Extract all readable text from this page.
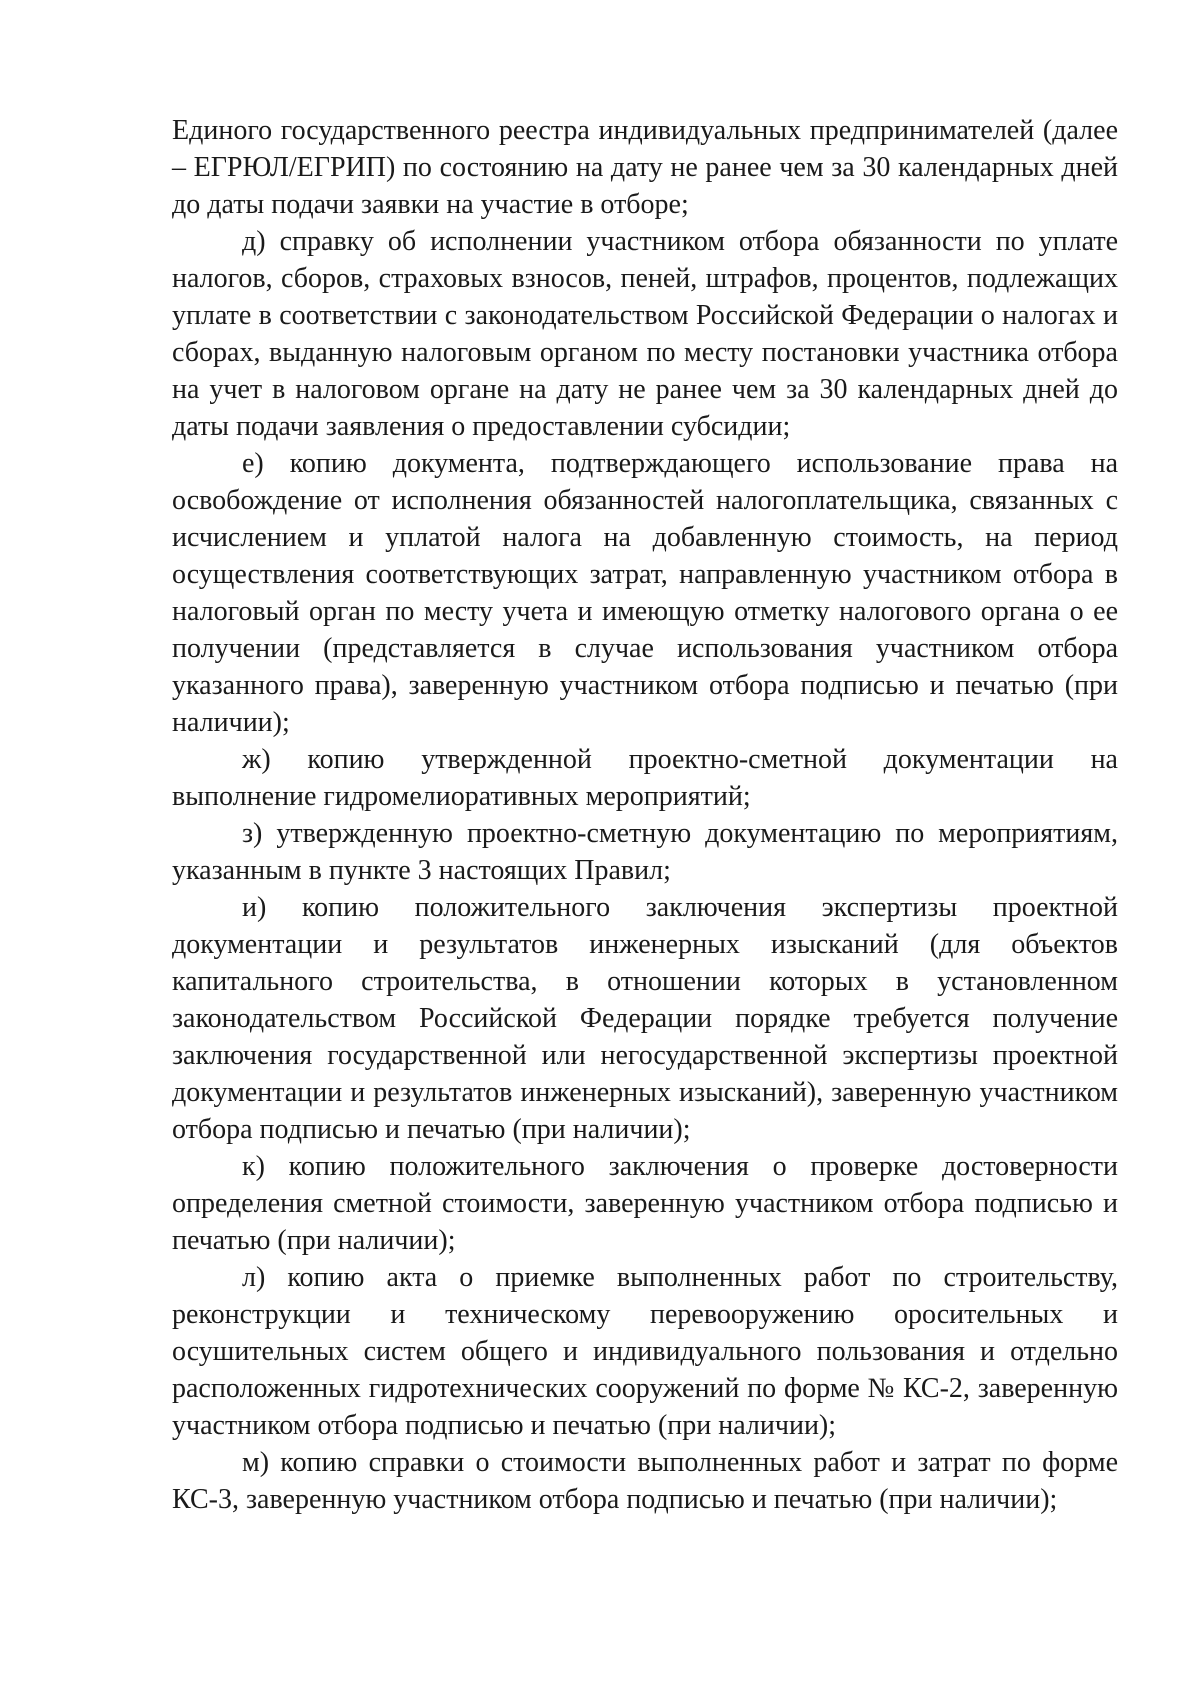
Единого государственного реестра индивидуальных предпринимателей (далее – ЕГРЮЛ/ЕГРИП) по состоянию на дату не ранее чем за 30 календарных дней до даты подачи заявки на участие в отборе;

д) справку об исполнении участником отбора обязанности по уплате налогов, сборов, страховых взносов, пеней, штрафов, процентов, подлежащих уплате в соответствии с законодательством Российской Федерации о налогах и сборах, выданную налоговым органом по месту постановки участника отбора на учет в налоговом органе на дату не ранее чем за 30 календарных дней до даты подачи заявления о предоставлении субсидии;

е) копию документа, подтверждающего использование права на освобождение от исполнения обязанностей налогоплательщика, связанных с исчислением и уплатой налога на добавленную стоимость, на период осуществления соответствующих затрат, направленную участником отбора в налоговый орган по месту учета и имеющую отметку налогового органа о ее получении (представляется в случае использования участником отбора указанного права), заверенную участником отбора подписью и печатью (при наличии);

ж) копию утвержденной проектно-сметной документации на выполнение гидромелиоративных мероприятий;

з) утвержденную проектно-сметную документацию по мероприятиям, указанным в пункте 3 настоящих Правил;

и) копию положительного заключения экспертизы проектной документации и результатов инженерных изысканий (для объектов капитального строительства, в отношении которых в установленном законодательством Российской Федерации порядке требуется получение заключения государственной или негосударственной экспертизы проектной документации и результатов инженерных изысканий), заверенную участником отбора подписью и печатью (при наличии);

к) копию положительного заключения о проверке достоверности определения сметной стоимости, заверенную участником отбора подписью и печатью (при наличии);

л) копию акта о приемке выполненных работ по строительству, реконструкции и техническому перевооружению оросительных и осушительных систем общего и индивидуального пользования и отдельно расположенных гидротехнических сооружений по форме № КС-2, заверенную участником отбора подписью и печатью (при наличии);

м) копию справки о стоимости выполненных работ и затрат по форме КС-3, заверенную участником отбора подписью и печатью (при наличии);
